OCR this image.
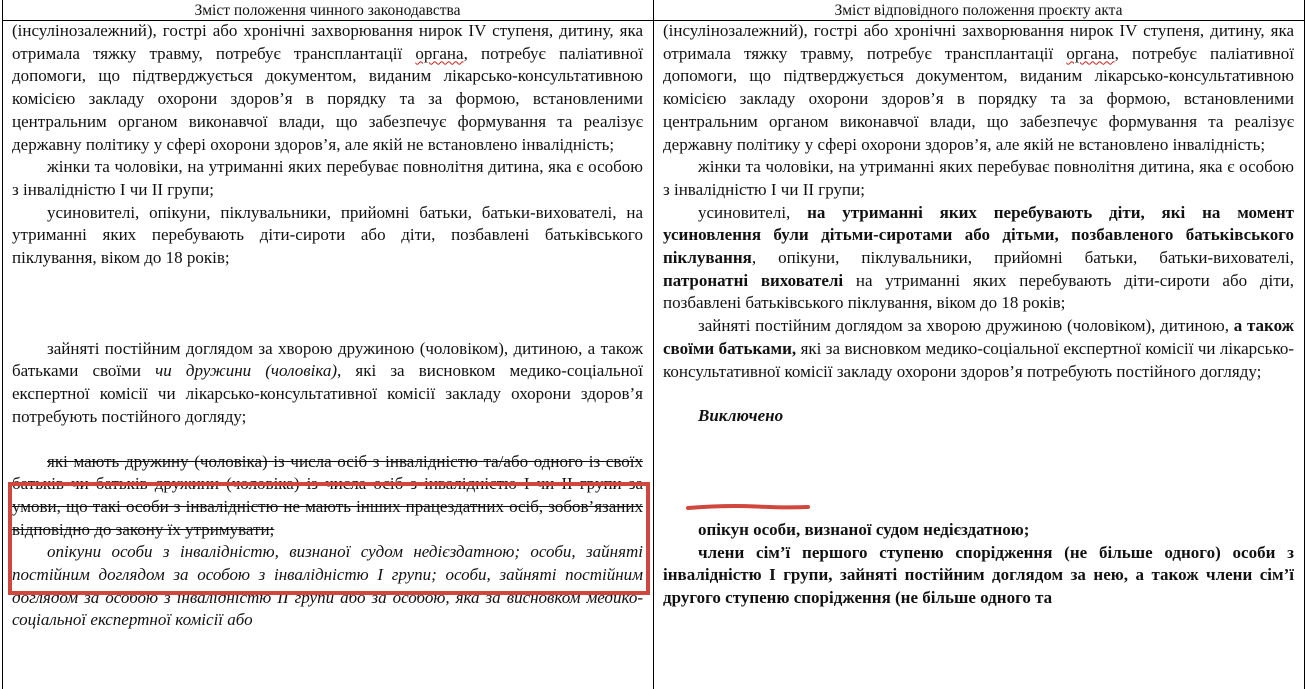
Зміст положення чинного законодавства	Зміст відповідного положення проєкту акта

(інсулінозалежний), гострі або хронічні захворювання нирок IV ступеня, дитину, яка отримала тяжку травму, потребує трансплантації органа, потребує паліативної допомоги, що підтверджується документом, виданим лікарсько-консультативною комісією закладу охорони здоров’я в порядку та за формою, встановленими центральним органом виконавчої влади, що забезпечує формування та реалізує державну політику у сфері охорони здоров’я, але якій не встановлено інвалідність;

жінки та чоловіки, на утриманні яких перебуває повнолітня дитина, яка є особою з інвалідністю І чи ІІ групи;

усиновителі, опікуни, піклувальники, прийомні батьки, батьки-вихователі, на утриманні яких перебувають діти-сироти або діти, позбавлені батьківського піклування, віком до 18 років;

зайняті постійним доглядом за хворою дружиною (чоловіком), дитиною, а також батьками своїми чи дружини (чоловіка), які за висновком медико-соціальної експертної комісії чи лікарсько-консультативної комісії закладу охорони здоров’я потребують постійного догляду;

які мають дружину (чоловіка) із числа осіб з інвалідністю та/або одного із своїх батьків чи батьків дружини (чоловіка) із числа осіб з інвалідністю I чи II групи за умови, що такі особи з інвалідністю не мають інших працездатних осіб, зобов’язаних відповідно до закону їх утримувати;

опікуни особи з інвалідністю, визнаної судом недієздатною; особи, зайняті постійним доглядом за особою з інвалідністю I групи; особи, зайняті постійним доглядом за особою з інвалідністю II групи або за особою, яка за висновком медико-соціальної експертної комісії або

(інсулінозалежний), гострі або хронічні захворювання нирок IV ступеня, дитину, яка отримала тяжку травму, потребує трансплантації органа, потребує паліативної допомоги, що підтверджується документом, виданим лікарсько-консультативною комісією закладу охорони здоров’я в порядку та за формою, встановленими центральним органом виконавчої влади, що забезпечує формування та реалізує державну політику у сфері охорони здоров’я, але якій не встановлено інвалідність;

жінки та чоловіки, на утриманні яких перебуває повнолітня дитина, яка є особою з інвалідністю І чи ІІ групи;

усиновителі, на утриманні яких перебувають діти, які на момент усиновлення були дітьми-сиротами або дітьми, позбавленого батьківського піклування, опікуни, піклувальники, прийомні батьки, батьки-вихователі, патронатні вихователі на утриманні яких перебувають діти-сироти або діти, позбавлені батьківського піклування, віком до 18 років;

зайняті постійним доглядом за хворою дружиною (чоловіком), дитиною, а також своїми батьками, які за висновком медико-соціальної експертної комісії чи лікарсько-консультативної комісії закладу охорони здоров’я потребують постійного догляду;

Виключено

опікун особи, визнаної судом недієздатною;

члени сім’ї першого ступеню спорідження (не більше одного) особи з інвалідністю І групи, зайняті постійним доглядом за нею, а також члени сім’ї другого ступеню спорідження (не більше одного та
